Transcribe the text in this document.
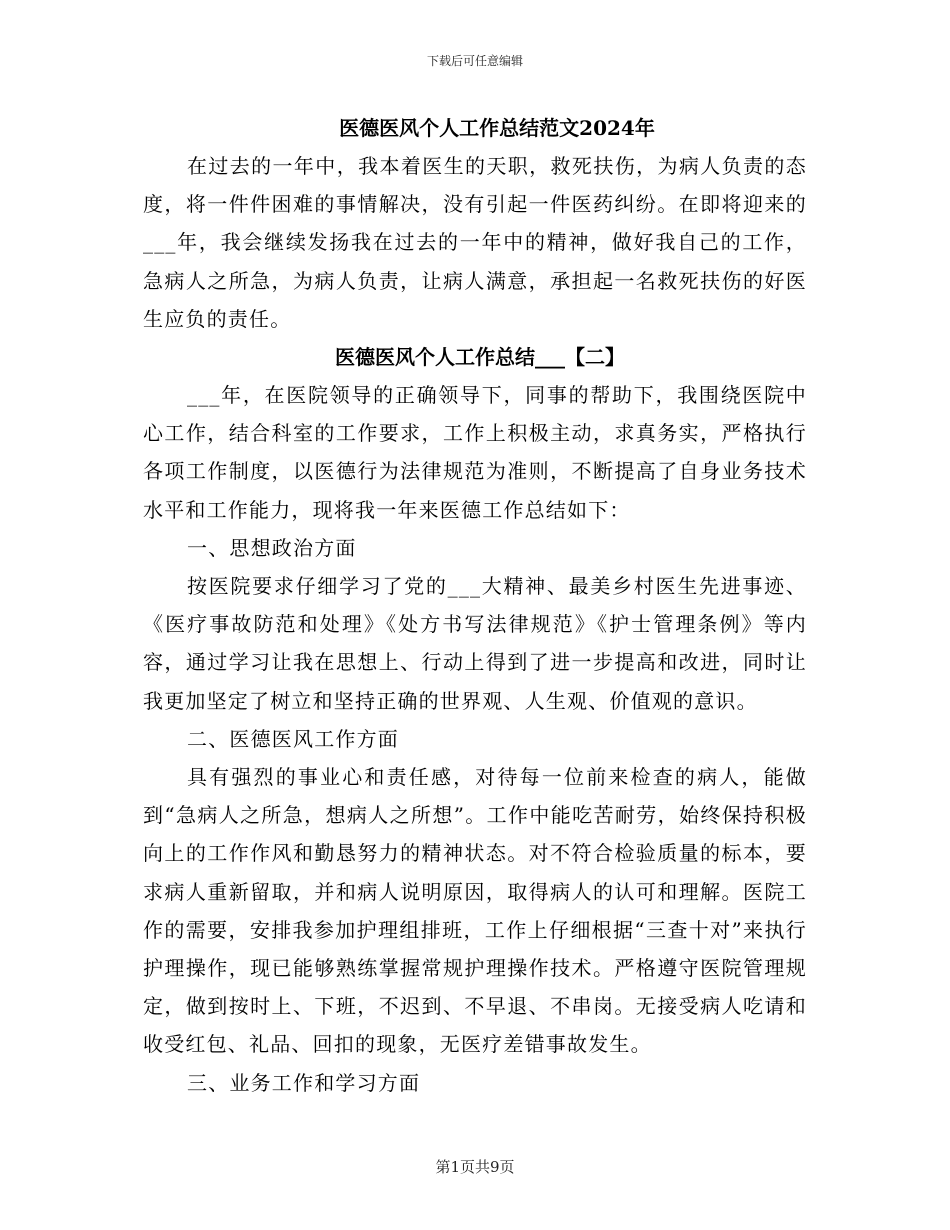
下载后可任意编辑
医德医风个人工作总结范文2024年

在过去的一年中，我本着医生的天职，救死扶伤，为病人负责的态度，将一件件困难的事情解决，没有引起一件医药纠纷。在即将迎来的___年，我会继续发扬我在过去的一年中的精神，做好我自己的工作，急病人之所急，为病人负责，让病人满意，承担起一名救死扶伤的好医生应负的责任。

医德医风个人工作总结___【二】

___年，在医院领导的正确领导下，同事的帮助下，我围绕医院中心工作，结合科室的工作要求，工作上积极主动，求真务实，严格执行各项工作制度，以医德行为法律规范为准则，不断提高了自身业务技术水平和工作能力，现将我一年来医德工作总结如下：

一、思想政治方面

按医院要求仔细学习了党的___大精神、最美乡村医生先进事迹、《医疗事故防范和处理》《处方书写法律规范》《护士管理条例》等内容，通过学习让我在思想上、行动上得到了进一步提高和改进，同时让我更加坚定了树立和坚持正确的世界观、人生观、价值观的意识。

二、医德医风工作方面

具有强烈的事业心和责任感，对待每一位前来检查的病人，能做到“急病人之所急，想病人之所想”。工作中能吃苦耐劳，始终保持积极向上的工作作风和勤恳努力的精神状态。对不符合检验质量的标本，要求病人重新留取，并和病人说明原因，取得病人的认可和理解。医院工作的需要，安排我参加护理组排班，工作上仔细根据“三查十对”来执行护理操作，现已能够熟练掌握常规护理操作技术。严格遵守医院管理规定，做到按时上、下班，不迟到、不早退、不串岗。无接受病人吃请和收受红包、礼品、回扣的现象，无医疗差错事故发生。

三、业务工作和学习方面

第1页共9页
